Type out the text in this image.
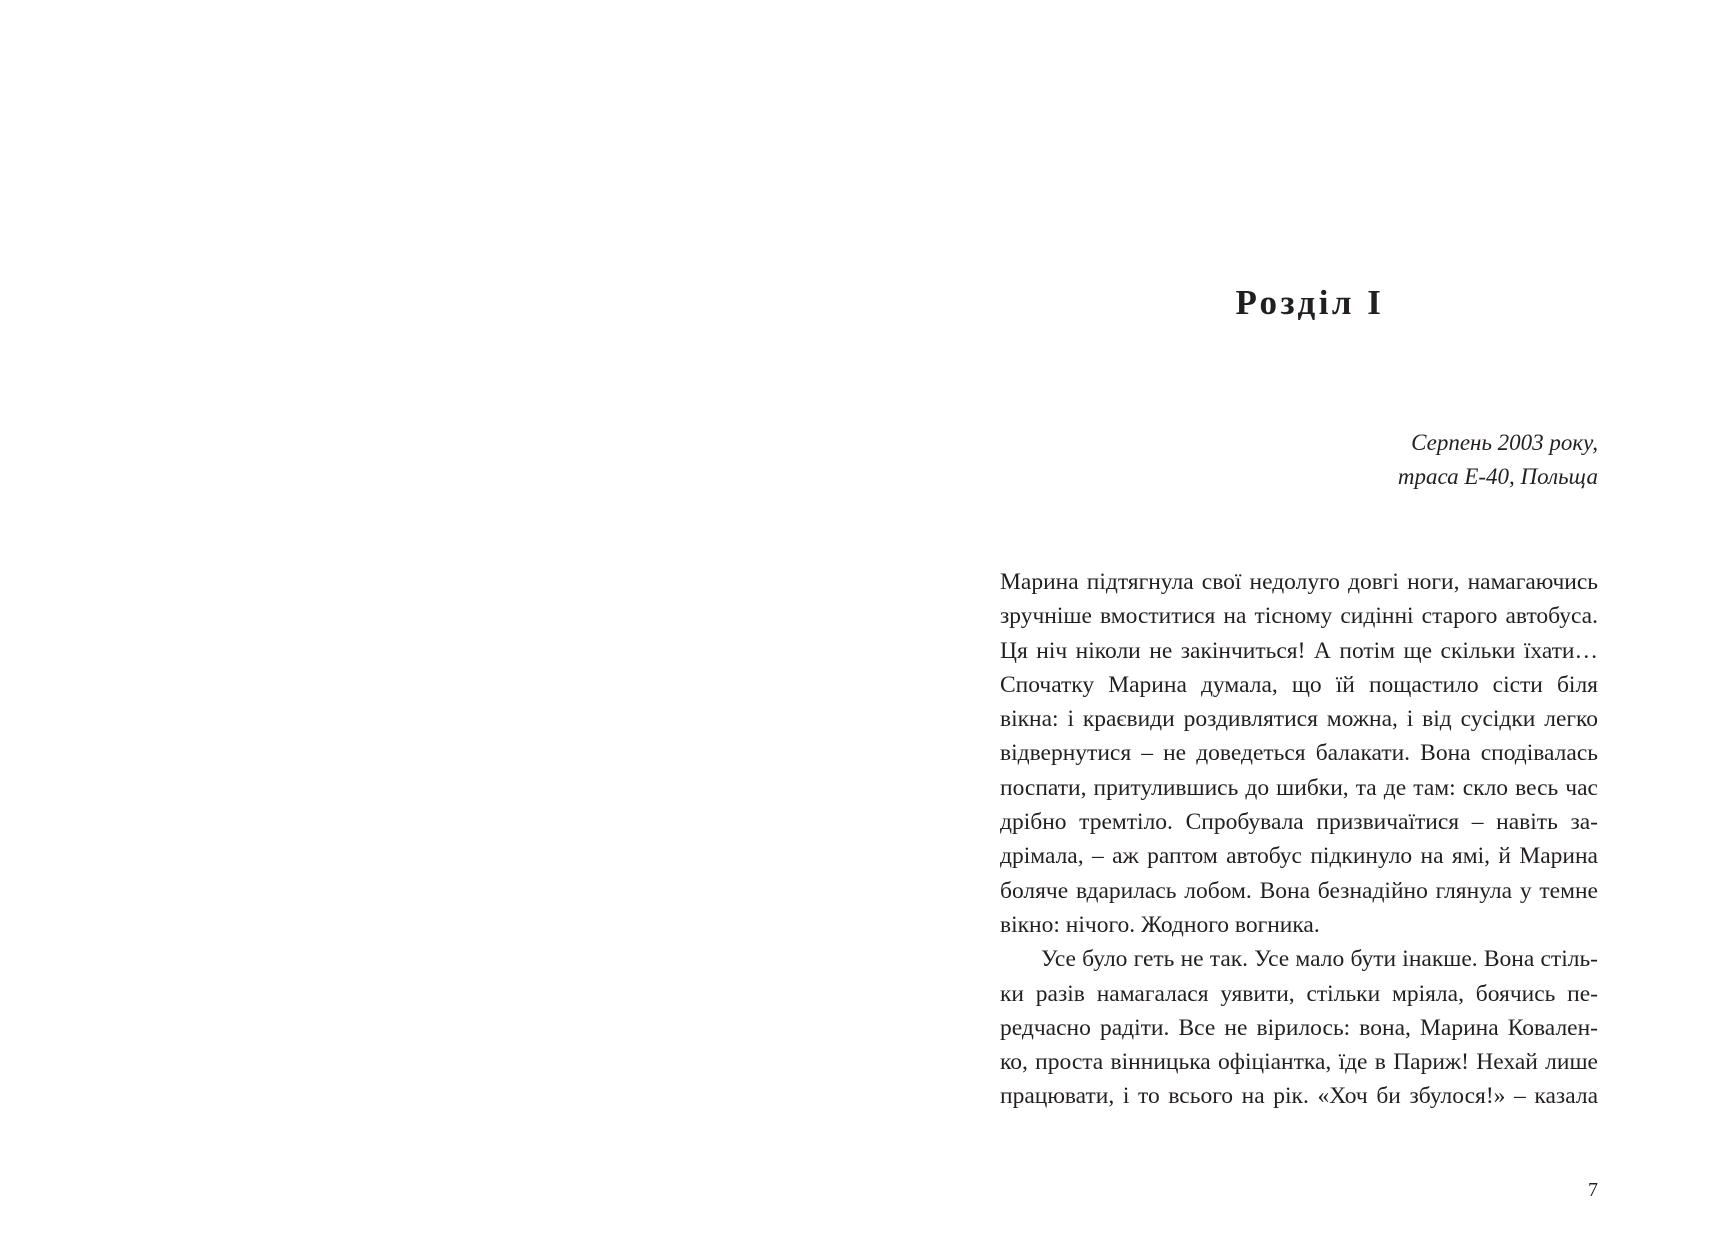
Розділ І
Серпень 2003 року,
траса Е-40, Польща
Марина підтягнула свої недолуго довгі ноги, намагаючись
зручніше вмоститися на тісному сидінні старого автобуса.
Ця ніч ніколи не закінчиться! А потім ще скільки їхати…
Спочатку Марина думала, що їй пощастило сісти біля
вікна: і краєвиди роздивлятися можна, і від сусідки легко
відвернутися – не доведеться балакати. Вона сподівалась
поспати, притулившись до шибки, та де там: скло весь час
дрібно тремтіло. Спробувала призвичаїтися – навіть за-
дрімала, – аж раптом автобус підкинуло на ямі, й Марина
боляче вдарилась лобом. Вона безнадійно глянула у темне
вікно: нічого. Жодного вогника.
Усе було геть не так. Усе мало бути інакше. Вона стіль-
ки разів намагалася уявити, стільки мріяла, боячись пе-
редчасно радіти. Все не вірилось: вона, Марина Ковален-
ко, проста вінницька офіціантка, їде в Париж! Нехай лише
працювати, і то всього на рік. «Хоч би збулося!» – казала
7
